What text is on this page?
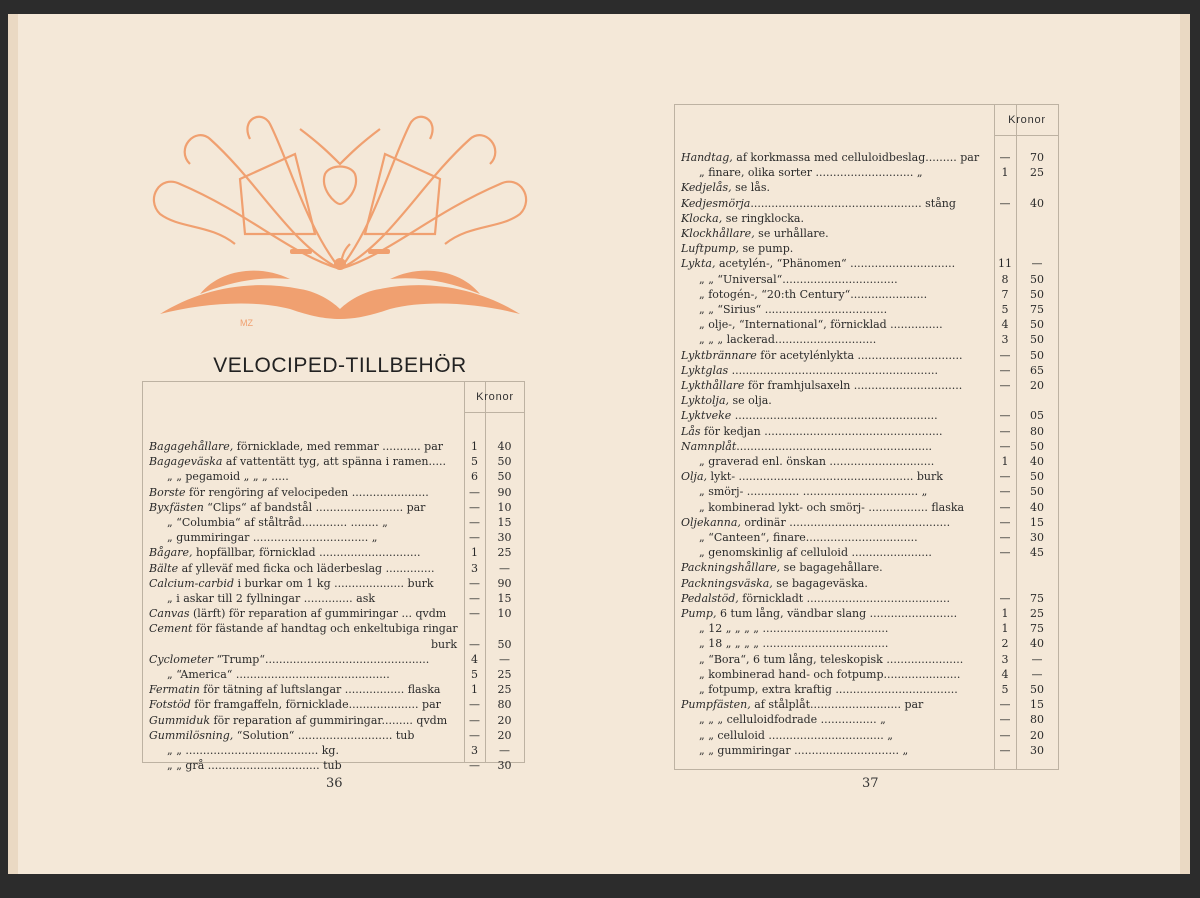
MZ
VELOCIPED-TILLBEHÖR
Kronor
Bagagehållare, förnicklade, med remmar ........... par	1	40
Bagageväska af vattentätt tyg, att spänna i ramen.....	5	50
„ „ pegamoid „ „ „ .....	6	50
Borste för rengöring af velocipeden ......................	—	90
Byxfästen “Clips“ af bandstål ......................... par	—	10
„ “Columbia“ af ståltråd............. ........ „	—	15
„ gummiringar ................................. „	—	30
Bågare, hopfällbar, förnicklad .............................	1	25
Bälte af ylleväf med ficka och läderbeslag ..............	3	—
Calcium-carbid i burkar om 1 kg .................... burk	—	90
„ i askar till 2 fyllningar .............. ask	—	15
Canvas (lärft) för reparation af gummiringar ... qvdm	—	10
Cement för fästande af handtag och enkeltubiga ringar
burk	—	50
Cyclometer “Trump“...............................................	4	—
„ “America“ ............................................	5	25
Fermatin för tätning af luftslangar ................. flaska	1	25
Fotstöd för framgaffeln, förnicklade.................... par	—	80
Gummiduk för reparation af gummiringar......... qvdm	—	20
Gummilösning, “Solution“ ........................... tub	—	20
„ „ ...................................... kg.	3	—
„ „ grå ................................ tub	—	30
36
Kronor
Handtag, af korkmassa med celluloidbeslag......... par	—	70
„ finare, olika sorter ............................ „	1	25
Kedjelås, se lås.
Kedjesmörja................................................. stång	—	40
Klocka, se ringklocka.
Klockhållare, se urhållare.
Luftpump, se pump.
Lykta, acetylén-, “Phänomen“ ..............................	11	—
„ „ “Universal“.................................	8	50
„ fotogén-, “20:th Century“......................	7	50
„ „ “Sirius“ ...................................	5	75
„ olje-, “International“, förnicklad ...............	4	50
„ „ „ lackerad.............................	3	50
Lyktbrännare för acetylénlykta ..............................	—	50
Lyktglas ...........................................................	—	65
Lykthållare för framhjulsaxeln ...............................	—	20
Lyktolja, se olja.
Lyktveke ..........................................................	—	05
Lås för kedjan ...................................................	—	80
Namnplåt........................................................	—	50
„ graverad enl. önskan ..............................	1	40
Olja, lykt- .................................................. burk	—	50
„ smörj- ............... ................................. „	—	50
„ kombinerad lykt- och smörj- ................. flaska	—	40
Oljekanna, ordinär ..............................................	—	15
„ “Canteen“, finare................................	—	30
„ genomskinlig af celluloid .......................	—	45
Packningshållare, se bagagehållare.
Packningsväska, se bagageväska.
Pedalstöd, förnickladt .........................................	—	75
Pump, 6 tum lång, vändbar slang .........................	1	25
„ 12 „ „ „ „ ....................................	1	75
„ 18 „ „ „ „ ....................................	2	40
„ “Bora“, 6 tum lång, teleskopisk ......................	3	—
„ kombinerad hand- och fotpump......................	4	—
„ fotpump, extra kraftig ...................................	5	50
Pumpfästen, af stålplåt.......................... par	—	15
„ „ „ celluloidfodrade ................ „	—	80
„ „ celluloid ................................. „	—	20
„ „ gummiringar .............................. „	—	30
37
